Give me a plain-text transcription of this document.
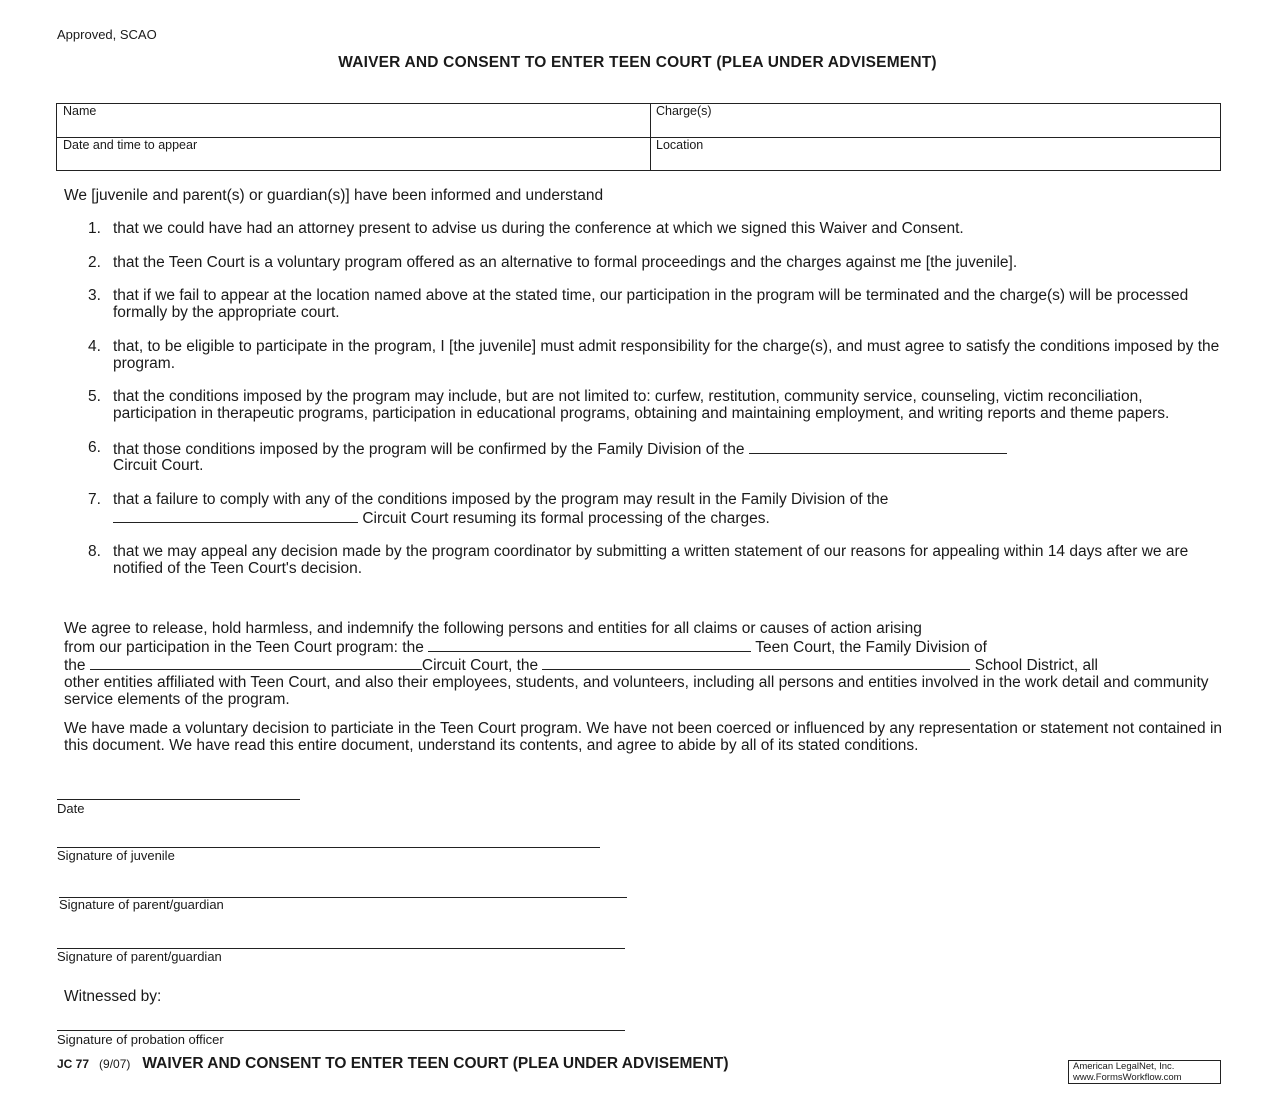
Approved, SCAO
WAIVER AND CONSENT TO ENTER TEEN COURT (PLEA UNDER ADVISEMENT)
Name	Charge(s)
Date and time to appear	Location
We [juvenile and parent(s) or guardian(s)] have been informed and understand
1. that we could have had an attorney present to advise us during the conference at which we signed this Waiver and Consent.
2. that the Teen Court is a voluntary program offered as an alternative to formal proceedings and the charges against me [the juvenile].
3. that if we fail to appear at the location named above at the stated time, our participation in the program will be terminated and the charge(s) will be processed formally by the appropriate court.
4. that, to be eligible to participate in the program, I [the juvenile] must admit responsibility for the charge(s), and must agree to satisfy the conditions imposed by the program.
5. that the conditions imposed by the program may include, but are not limited to: curfew, restitution, community service, counseling, victim reconciliation, participation in therapeutic programs, participation in educational programs, obtaining and maintaining employment, and writing reports and theme papers.
6. that those conditions imposed by the program will be confirmed by the Family Division of the
Circuit Court.
7. that a failure to comply with any of the conditions imposed by the program may result in the Family Division of the
Circuit Court resuming its formal processing of the charges.
8. that we may appeal any decision made by the program coordinator by submitting a written statement of our reasons for appealing within 14 days after we are notified of the Teen Court's decision.
We agree to release, hold harmless, and indemnify the following persons and entities for all claims or causes of action arising
from our participation in the Teen Court program: the	Teen Court, the Family Division of
the	Circuit Court, the	School District, all
other entities affiliated with Teen Court, and also their employees, students, and volunteers, including all persons and entities involved in the work detail and community service elements of the program.
We have made a voluntary decision to particiate in the Teen Court program. We have not been coerced or influenced by any representation or statement not contained in this document. We have read this entire document, understand its contents, and agree to abide by all of its stated conditions.
Date
Signature of juvenile
Signature of parent/guardian
Signature of parent/guardian
Witnessed by:
Signature of probation officer
JC 77 (9/07) WAIVER AND CONSENT TO ENTER TEEN COURT (PLEA UNDER ADVISEMENT)	American LegalNet, Inc.
www.FormsWorkflow.com
